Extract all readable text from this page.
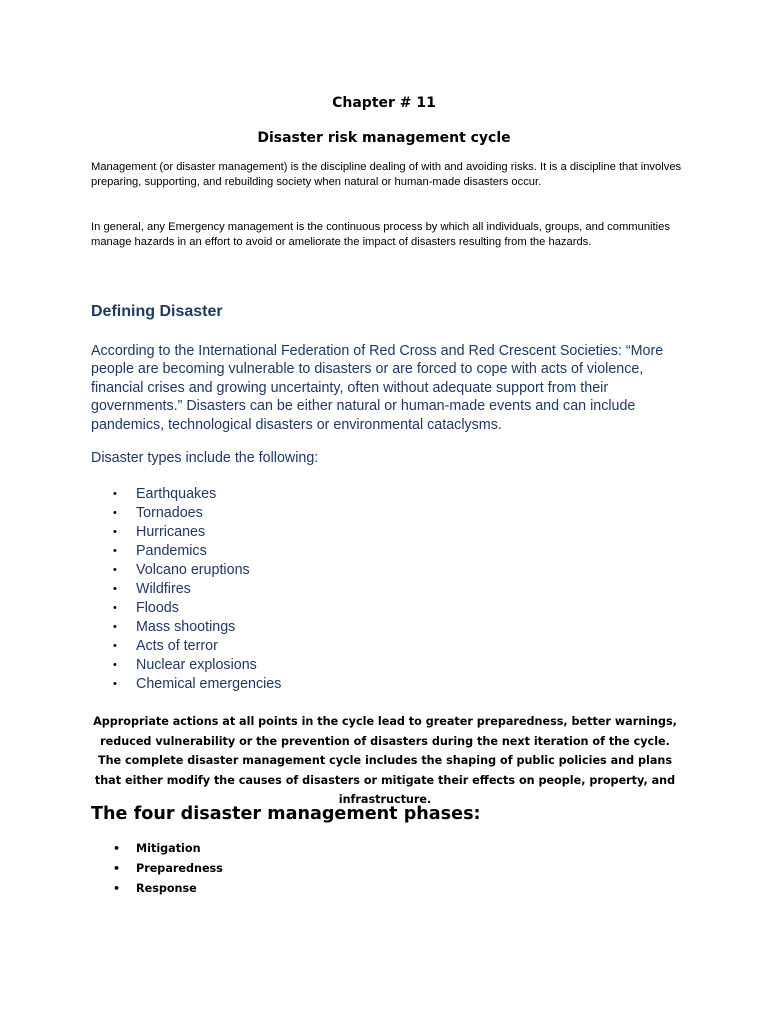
Chapter # 11
Disaster risk management cycle

Management (or disaster management) is the discipline dealing of with and avoiding risks. It is a discipline that involves preparing, supporting, and rebuilding society when natural or human-made disasters occur.

In general, any Emergency management is the continuous process by which all individuals, groups, and communities manage hazards in an effort to avoid or ameliorate the impact of disasters resulting from the hazards.

Defining Disaster

According to the International Federation of Red Cross and Red Crescent Societies: “More people are becoming vulnerable to disasters or are forced to cope with acts of violence, financial crises and growing uncertainty, often without adequate support from their governments.” Disasters can be either natural or human-made events and can include pandemics, technological disasters or environmental cataclysms.

Disaster types include the following:

• Earthquakes
• Tornadoes
• Hurricanes
• Pandemics
• Volcano eruptions
• Wildfires
• Floods
• Mass shootings
• Acts of terror
• Nuclear explosions
• Chemical emergencies

Appropriate actions at all points in the cycle lead to greater preparedness, better warnings, reduced vulnerability or the prevention of disasters during the next iteration of the cycle. The complete disaster management cycle includes the shaping of public policies and plans that either modify the causes of disasters or mitigate their effects on people, property, and infrastructure.

The four disaster management phases:
• Mitigation
• Preparedness
• Response
